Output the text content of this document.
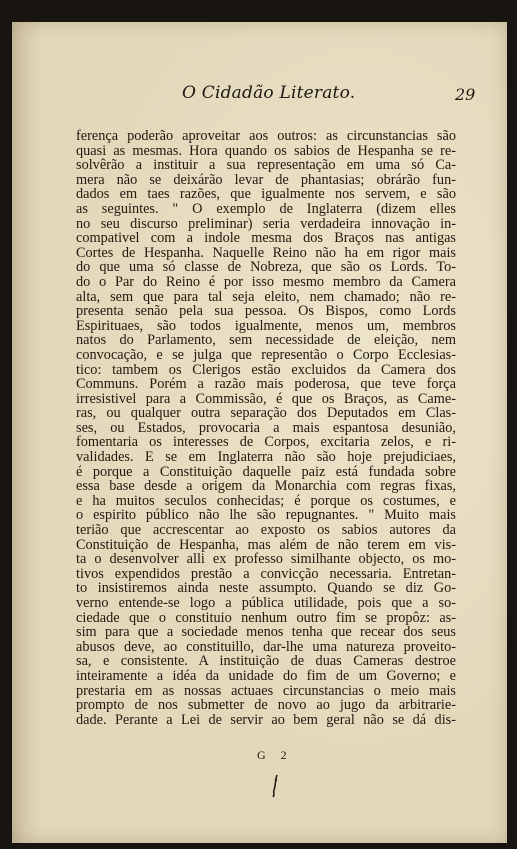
O Cidadão Literato.	29
ferença poderão aproveitar aos outros: as circunstancias são
quasi as mesmas. Hora quando os sabios de Hespanha se re-
solvêrão a instituir a sua representação em uma só Ca-
mera não se deixárão levar de phantasias; obrárão fun-
dados em taes razões, que igualmente nos servem, e são
as seguintes. " O exemplo de Inglaterra (dizem elles
no seu discurso preliminar) seria verdadeira innovação in-
compativel com a indole mesma dos Braços nas antigas
Cortes de Hespanha. Naquelle Reino não ha em rigor mais
do que uma só classe de Nobreza, que são os Lords. To-
do o Par do Reino é por isso mesmo membro da Camera
alta, sem que para tal seja eleito, nem chamado; não re-
presenta senão pela sua pessoa. Os Bispos, como Lords
Espirituaes, são todos igualmente, menos um, membros
natos do Parlamento, sem necessidade de eleição, nem
convocação, e se julga que representão o Corpo Ecclesias-
tico: tambem os Clerigos estão excluidos da Camera dos
Communs. Porém a razão mais poderosa, que teve força
irresistivel para a Commissão, é que os Braços, as Came-
ras, ou qualquer outra separação dos Deputados em Clas-
ses, ou Estados, provocaria a mais espantosa desunião,
fomentaria os interesses de Corpos, excitaria zelos, e ri-
validades. E se em Inglaterra não são hoje prejudiciaes,
é porque a Constituição daquelle paiz está fundada sobre
essa base desde a origem da Monarchia com regras fixas,
e ha muitos seculos conhecidas; é porque os costumes, e
o espirito público não lhe são repugnantes. " Muito mais
terião que accrescentar ao exposto os sabios autores da
Constituição de Hespanha, mas além de não terem em vis-
ta o desenvolver alli ex professo similhante objecto, os mo-
tivos expendidos prestão a convicção necessaria. Entretan-
to insistiremos ainda neste assumpto. Quando se diz Go-
verno entende-se logo a pública utilidade, pois que a so-
ciedade que o constituio nenhum outro fim se propôz: as-
sim para que a sociedade menos tenha que recear dos seus
abusos deve, ao constituillo, dar-lhe uma natureza proveito-
sa, e consistente. A instituição de duas Cameras destroe
inteiramente a idéa da unidade do fim de um Governo; e
prestaria em as nossas actuaes circunstancias o meio mais
prompto de nos submetter de novo ao jugo da arbitrarie-
dade. Perante a Lei de servir ao bem geral não se dá dis-
G 2
